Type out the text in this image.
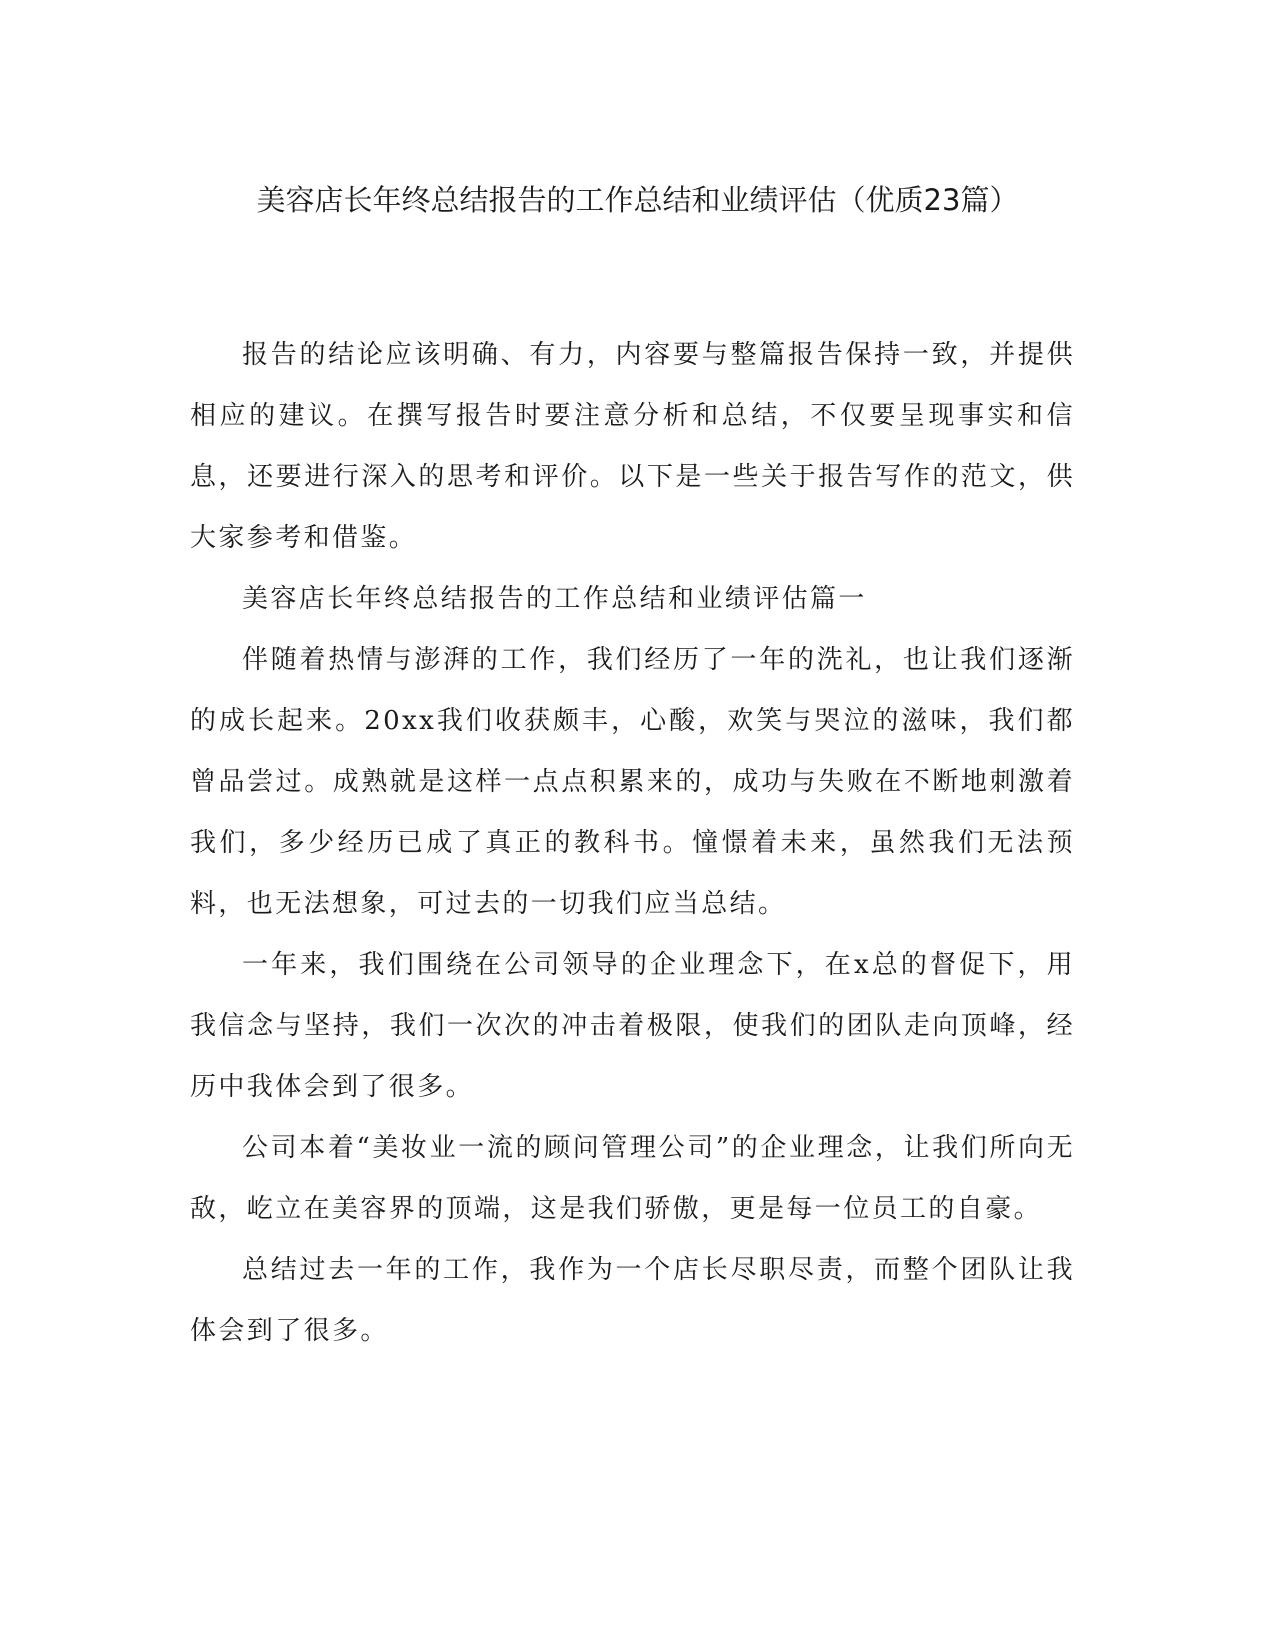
美容店长年终总结报告的工作总结和业绩评估（优质23篇）

报告的结论应该明确、有力，内容要与整篇报告保持一致，并提供相应的建议。在撰写报告时要注意分析和总结，不仅要呈现事实和信息，还要进行深入的思考和评价。以下是一些关于报告写作的范文，供大家参考和借鉴。

美容店长年终总结报告的工作总结和业绩评估篇一

伴随着热情与澎湃的工作，我们经历了一年的洗礼，也让我们逐渐的成长起来。20xx我们收获颇丰，心酸，欢笑与哭泣的滋味，我们都曾品尝过。成熟就是这样一点点积累来的，成功与失败在不断地刺激着我们，多少经历已成了真正的教科书。憧憬着未来，虽然我们无法预料，也无法想象，可过去的一切我们应当总结。

一年来，我们围绕在公司领导的企业理念下，在x总的督促下，用我信念与坚持，我们一次次的冲击着极限，使我们的团队走向顶峰，经历中我体会到了很多。

公司本着“美妆业一流的顾问管理公司”的企业理念，让我们所向无敌，屹立在美容界的顶端，这是我们骄傲，更是每一位员工的自豪。

总结过去一年的工作，我作为一个店长尽职尽责，而整个团队让我体会到了很多。
